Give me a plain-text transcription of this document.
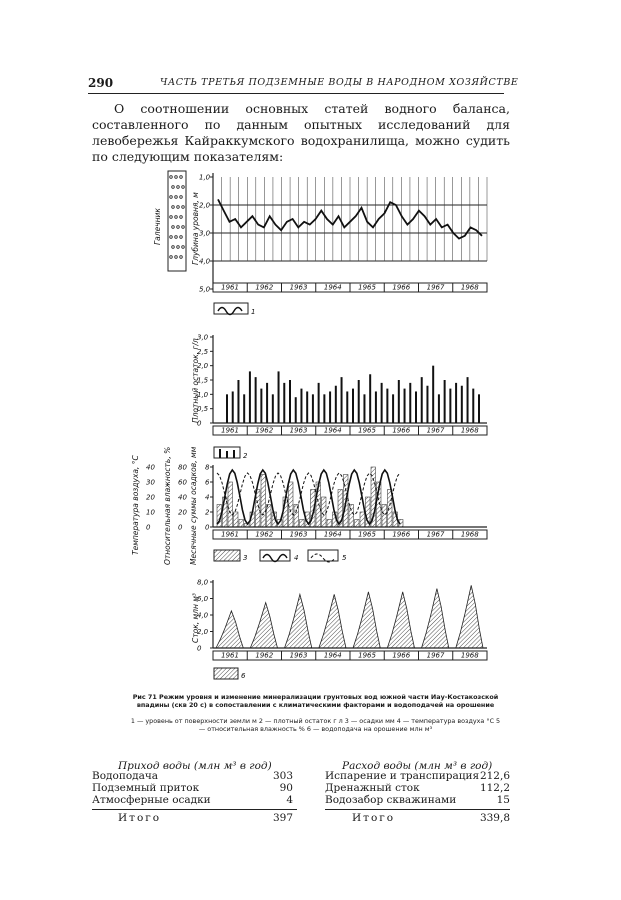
290	ЧАСТЬ ТРЕТЬЯ ПОДЗЕМНЫЕ ВОДЫ В НАРОДНОМ ХОЗЯЙСТВЕ

О соотношении основных статей водного баланса, составленного по данным опытных исследований для левобережья Кайраккумского водохранилища, можно судить по следующим показателям:

Галечник	Глубина уровня, м
1,0
2,0
3,0
4,0
5,0 1961 1962 1963 1964 1965 1966 1967 1968
1
Плотный остаток, г/л
0
0,5
1,0
1,5
2,0
2,5
3,0
1961 1962 1963 1964 1965 1966 1967 1968
2
Температура воздуха, °С	Относительная влажность, % Месячные суммы осадков, мм 0
2
4
6
8
0
20
40
60
80
0
10
20
30
40
1961 1962 1963 1964 1965 1966 1967 1968
3	4	5
Сток, млн м³
0
2,0
4,0
6,0
8,0
1961 1962 1963 1964 1965 1966 1967 1968
6
Рис 71 Режим уровня и изменение минерализации грунтовых вод южной части Иау-Костакозской впадины (скв 20 с) в сопоставлении с климатическими факторами и водоподачей на орошение
1 — уровень от поверхности земли м 2 — плотный остаток г л 3 — осадки мм 4 — температура воздуха °С 5 — относительная влажность % 6 — водоподача на орошение млн м³
Приход воды (млн м³ в год)	Расход воды (млн м³ в год)
Водоподача	303
Подземный приток	90
Атмосферные осадки	4
Испарение и транспирация 212,6
Дренажный сток	112,2
Водозабор скважинами	15
Итого	397	Итого	339,8
